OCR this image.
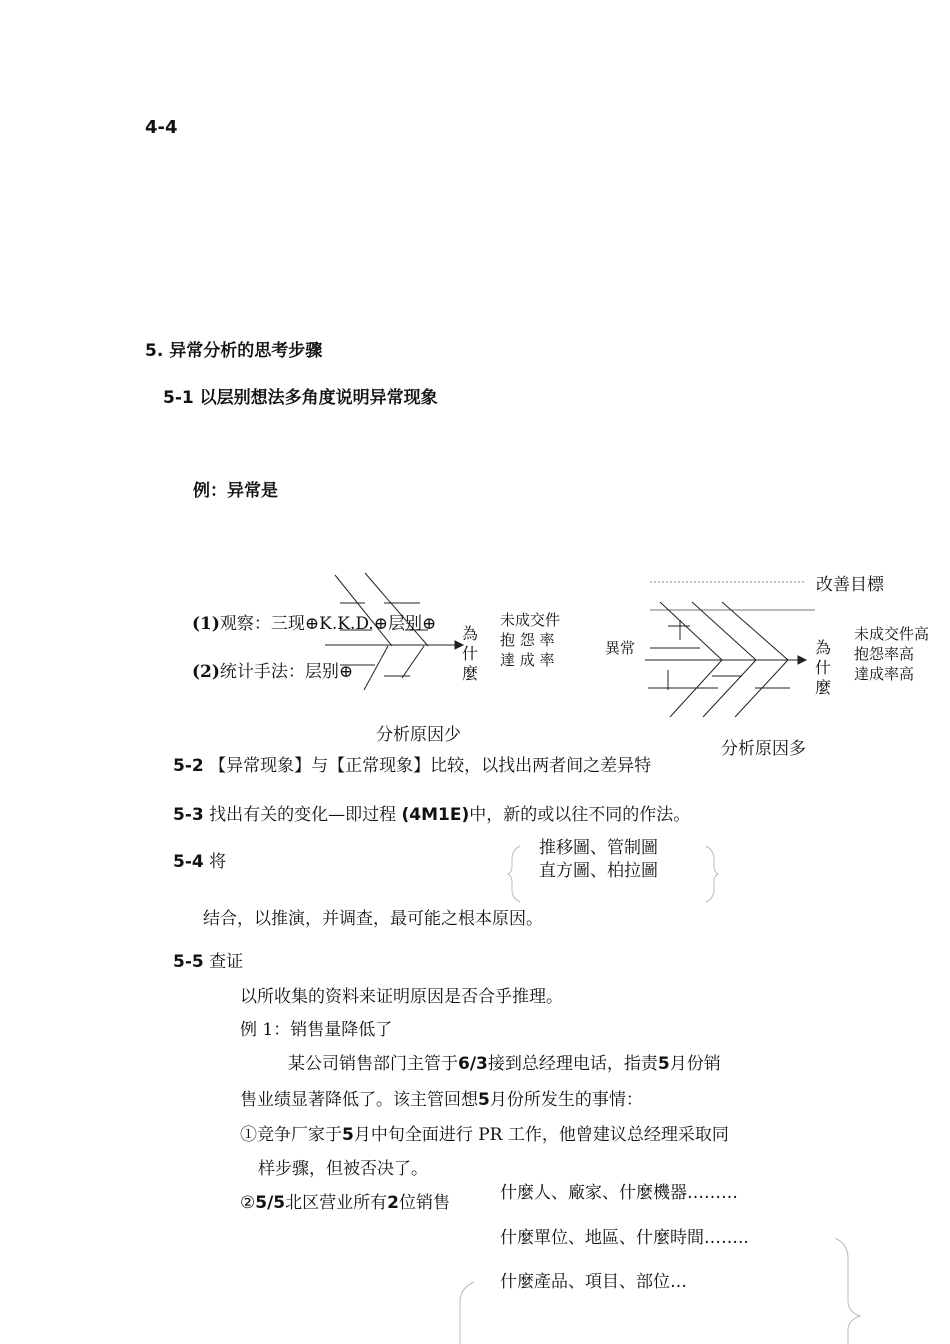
4-4
5. 异常分析的思考步骤
5-1 以层别想法多角度说明异常现象
例：异常是
(1)观察：三现⊕K.K.D.⊕层别⊕
(2)统计手法：层别⊕
為什麼
未成交件
抱 怨 率
達 成 率
分析原因少
改善目標
異常	為什麼
未成交件高
抱怨率高
達成率高
分析原因多
5-2 【异常现象】与【正常现象】比较，以找出两者间之差异特
5-3 找出有关的变化—即过程 (4M1E)中，新的或以往不同的作法。
5-4 将
推移圖、管制圖
直方圖、柏拉圖
结合，以推演，并调查，最可能之根本原因。
5-5 查证
以所收集的资料来证明原因是否合乎推理。
例 1：销售量降低了
某公司销售部门主管于6/3接到总经理电话，指责5月份销
售业绩显著降低了。该主管回想5月份所发生的事情：
①竞争厂家于5月中旬全面进行 PR 工作，他曾建议总经理采取同
样步骤，但被否决了。
②5/5北区营业所有2位销售	什麼人、廠家、什麼機器………
什麼單位、地區、什麼時間……..
什麼產品、項目、部位…
